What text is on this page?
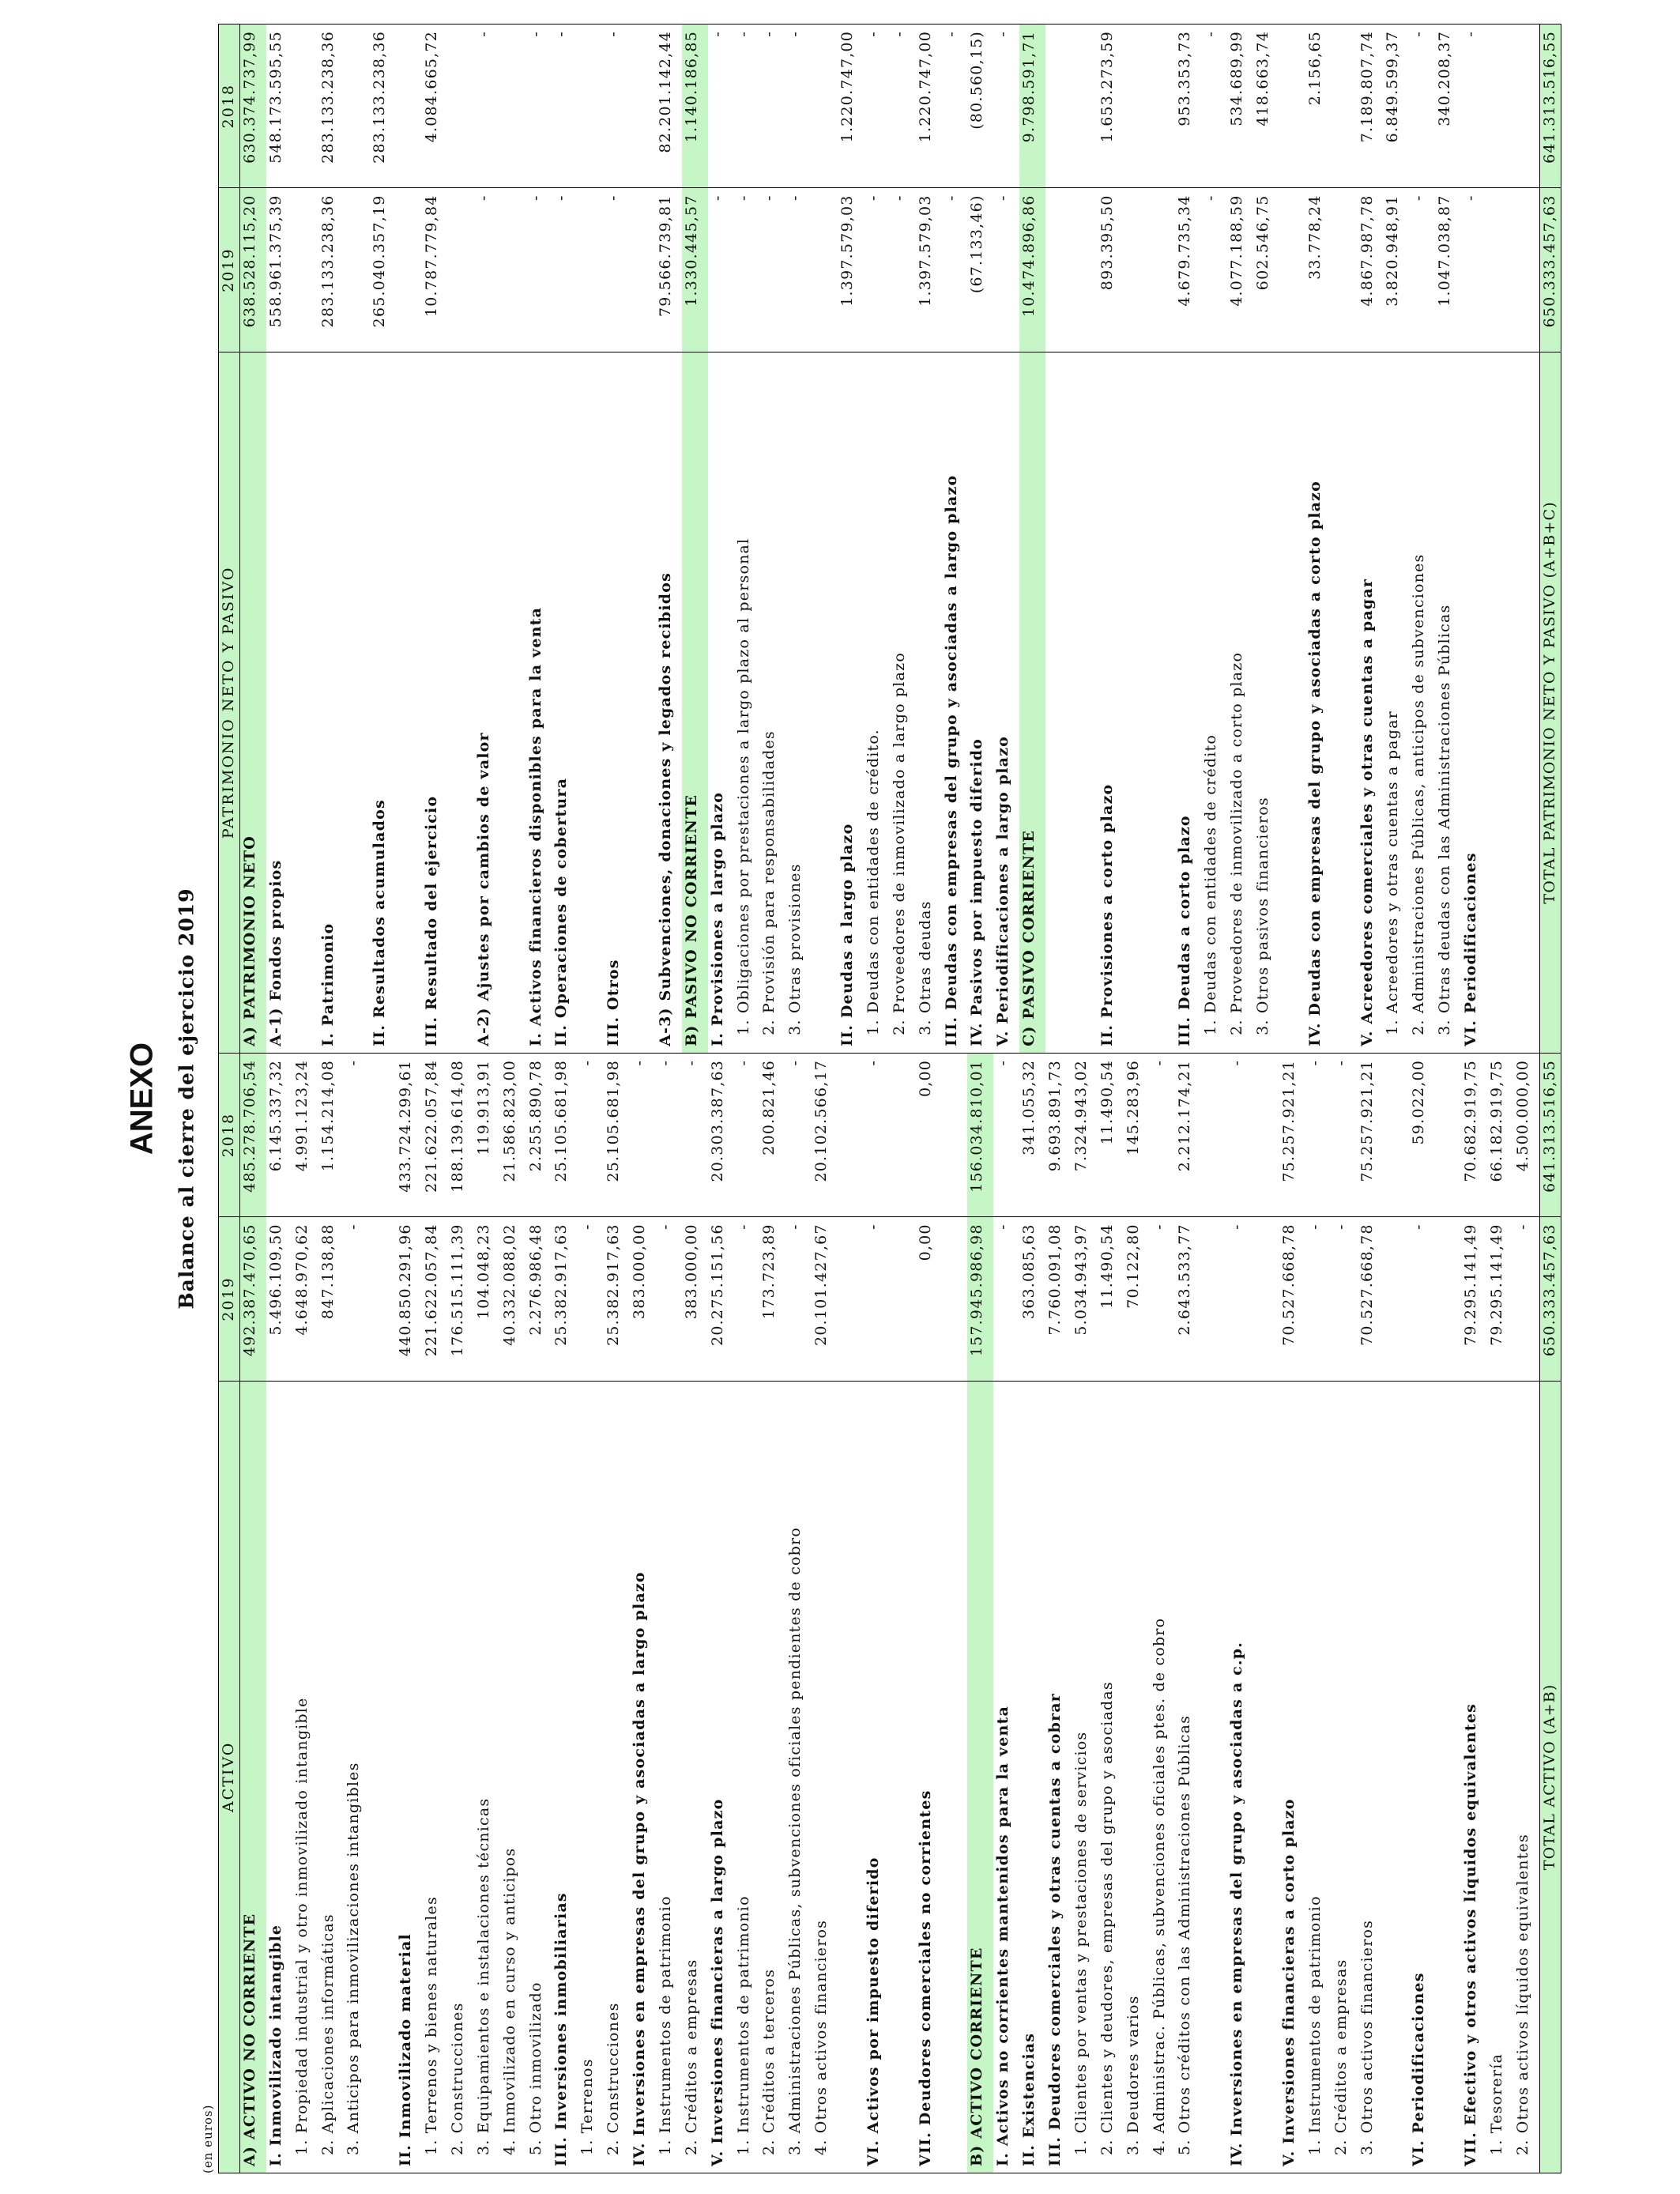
ANEXO Balance al cierre del ejercicio 2019
(en euros)
ACTIVO	2019	2018	PATRIMONIO NETO Y PASIVO	2019	2018
A) ACTIVO NO CORRIENTE	492.387.470,65	485.278.706,54	A) PATRIMONIO NETO	638.528.115,20	630.374.737,99
I. Inmovilizado intangible	5.496.109,50	6.145.337,32	A-1) Fondos propios	558.961.375,39	548.173.595,55
1. Propiedad industrial y otro inmovilizado intangible	4.648.970,62	4.991.123,24			
2. Aplicaciones informáticas	847.138,88	1.154.214,08	I. Patrimonio	283.133.238,36	283.133.238,36
3. Anticipos para inmovilizaciones intangibles	-	-			
			II. Resultados acumulados	265.040.357,19	283.133.238,36
II. Inmovilizado material	440.850.291,96	433.724.299,61			
1. Terrenos y bienes naturales	221.622.057,84	221.622.057,84	III. Resultado del ejercicio	10.787.779,84	4.084.665,72
2. Construcciones	176.515.111,39	188.139.614,08			
3. Equipamientos e instalaciones técnicas	104.048,23	119.913,91	A-2) Ajustes por cambios de valor	-	-
4. Inmovilizado en curso y anticipos	40.332.088,02	21.586.823,00			
5. Otro inmovilizado	2.276.986,48	2.255.890,78	I. Activos financieros disponibles para la venta	-	-
III. Inversiones inmobiliarias	25.382.917,63	25.105.681,98	II. Operaciones de cobertura	-	-
1. Terrenos	-	-			
2. Construcciones	25.382.917,63	25.105.681,98	III. Otros	-	-
IV. Inversiones en empresas del grupo y asociadas a largo plazo	383.000,00	-			
1. Instrumentos de patrimonio	-	-	A-3) Subvenciones, donaciones y legados recibidos	79.566.739,81	82.201.142,44
2. Créditos a empresas	383.000,00	-	B) PASIVO NO CORRIENTE	1.330.445,57	1.140.186,85
V. Inversiones financieras a largo plazo	20.275.151,56	20.303.387,63	I. Provisiones a largo plazo	-	-
1. Instrumentos de patrimonio	-	-	1. Obligaciones por prestaciones a largo plazo al personal	-	-
2. Créditos a terceros	173.723,89	200.821,46	2. Provisión para responsabilidades	-	-
3. Administraciones Públicas, subvenciones oficiales pendientes de cobro	-	-	3. Otras provisiones	-	-
4. Otros activos financieros	20.101.427,67	20.102.566,17			
			II. Deudas a largo plazo	1.397.579,03	1.220.747,00
VI. Activos por impuesto diferido	-	-	1. Deudas con entidades de crédito.	-	-
			2. Proveedores de inmovilizado a largo plazo	-	-
VII. Deudores comerciales no corrientes	0,00	0,00	3. Otras deudas	1.397.579,03	1.220.747,00
			III. Deudas con empresas del grupo y asociadas a largo plazo	-	-
B) ACTIVO CORRIENTE	157.945.986,98	156.034.810,01	IV. Pasivos por impuesto diferido	(67.133,46)	(80.560,15)
I. Activos no corrientes mantenidos para la venta	-	-	V. Periodificaciones a largo plazo	-	-
II. Existencias	363.085,63	341.055,32	C) PASIVO CORRIENTE	10.474.896,86	9.798.591,71
III. Deudores comerciales y otras cuentas a cobrar	7.760.091,08	9.693.891,73			
1. Clientes por ventas y prestaciones de servicios	5.034.943,97	7.324.943,02			
2. Clientes y deudores, empresas del grupo y asociadas	11.490,54	11.490,54	II. Provisiones a corto plazo	893.395,50	1.653.273,59
3. Deudores varios	70.122,80	145.283,96			
4. Administrac. Públicas, subvenciones oficiales ptes. de cobro	-	-			
5. Otros créditos con las Administraciones Públicas	2.643.533,77	2.212.174,21	III. Deudas a corto plazo	4.679.735,34	953.353,73
			1. Deudas con entidades de crédito	-	-
IV. Inversiones en empresas del grupo y asociadas a c.p.	-	-	2. Proveedores de inmovilizado a corto plazo	4.077.188,59	534.689,99
			3. Otros pasivos financieros	602.546,75	418.663,74
V. Inversiones financieras a corto plazo	70.527.668,78	75.257.921,21			
1. Instrumentos de patrimonio	-	-	IV. Deudas con empresas del grupo y asociadas a corto plazo	33.778,24	2.156,65
2. Créditos a empresas	-	-			
3. Otros activos financieros	70.527.668,78	75.257.921,21	V. Acreedores comerciales y otras cuentas a pagar	4.867.987,78	7.189.807,74
			1. Acreedores y otras cuentas a pagar	3.820.948,91	6.849.599,37
VI. Periodificaciones	-	59.022,00	2. Administraciones Públicas, anticipos de subvenciones	-	-
			3. Otras deudas con las Administraciones Públicas	1.047.038,87	340.208,37
VII. Efectivo y otros activos líquidos equivalentes	79.295.141,49	70.682.919,75	VI. Periodificaciones	-	-
1. Tesorería	79.295.141,49	66.182.919,75			
2. Otros activos líquidos equivalentes	-	4.500.000,00			
TOTAL ACTIVO (A+B)	650.333.457,63	641.313.516,55	TOTAL PATRIMONIO NETO Y PASIVO (A+B+C)	650.333.457,63	641.313.516,55
